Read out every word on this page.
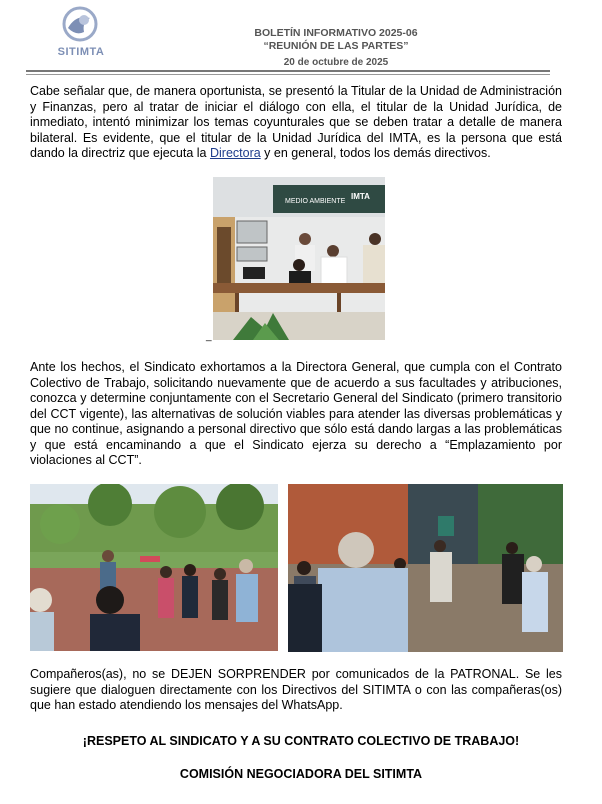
SITIMTA
BOLETÍN INFORMATIVO 2025-06
“REUNIÓN DE LAS PARTES”
20 de octubre de 2025

Cabe señalar que, de manera oportunista, se presentó la Titular de la Unidad de Administración y Finanzas, pero al tratar de iniciar el diálogo con ella, el titular de la Unidad Jurídica, de inmediato, intentó minimizar los temas coyunturales que se deben tratar a detalle de manera bilateral. Es evidente, que el titular de la Unidad Jurídica del IMTA, es la persona que está dando la directriz que ejecuta la Directora y en general, todos los demás directivos.

MEDIO AMBIENTE
IMTA
_

Ante los hechos, el Sindicato exhortamos a la Directora General, que cumpla con el Contrato Colectivo de Trabajo, solicitando nuevamente que de acuerdo a sus facultades y atribuciones, conozca y determine conjuntamente con el Secretario General del Sindicato (primero transitorio del CCT vigente), las alternativas de solución viables para atender las diversas problemáticas y que no continue, asignando a personal directivo que sólo está dando largas a las problemáticas y que está encaminando a que el Sindicato ejerza su derecho a “Emplazamiento por violaciones al CCT”.

Compañeros(as), no se DEJEN SORPRENDER por comunicados de la PATRONAL. Se les sugiere que dialoguen directamente con los Directivos del SITIMTA o con las compañeras(os) que han estado atendiendo los mensajes del WhatsApp.

¡RESPETO AL SINDICATO Y A SU CONTRATO COLECTIVO DE TRABAJO!
COMISIÓN NEGOCIADORA DEL SITIMTA
